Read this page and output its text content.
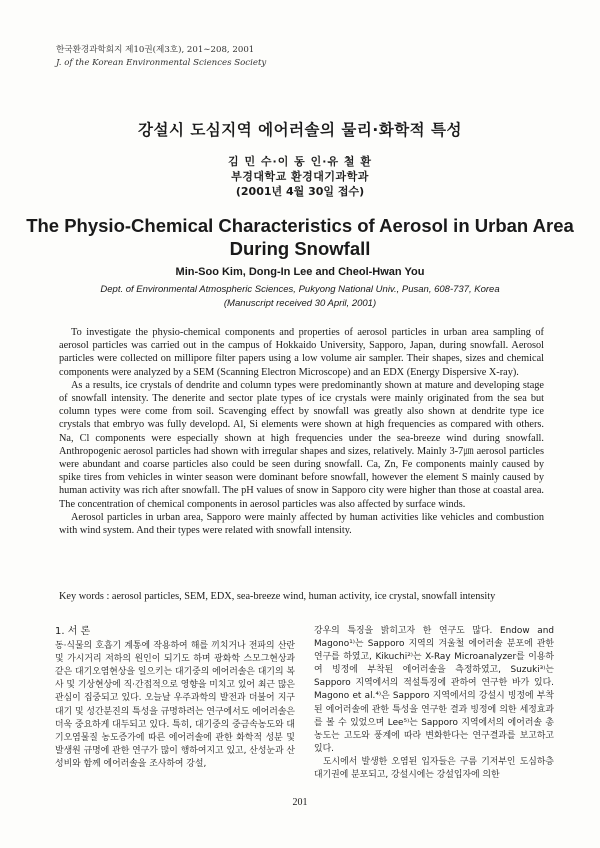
한국환경과학회지 제10권(제3호), 201∼208, 2001
J. of the Korean Environmental Sciences Society
강설시 도심지역 에어러솔의 물리·화학적 특성
김 민 수·이 동 인·유 철 환
부경대학교 환경대기과학과
(2001년 4월 30일 접수)
The Physio-Chemical Characteristics of Aerosol in Urban Area
During Snowfall
Min-Soo Kim, Dong-In Lee and Cheol-Hwan You
Dept. of Environmental Atmospheric Sciences, Pukyong National Univ., Pusan, 608-737, Korea
(Manuscript received 30 April, 2001)

To investigate the physio-chemical components and properties of aerosol particles in urban area sampling of aerosol particles was carried out in the campus of Hokkaido University, Sapporo, Japan, during snowfall. Aerosol particles were collected on millipore filter papers using a low volume air sampler. Their shapes, sizes and chemical components were analyzed by a SEM (Scanning Electron Microscope) and an EDX (Energy Dispersive X-ray).

As a results, ice crystals of dendrite and column types were predominantly shown at mature and developing stage of snowfall intensity. The denerite and sector plate types of ice crystals were mainly originated from the sea but column types were come from soil. Scavenging effect by snowfall was greatly also shown at dendrite type ice crystals that embryo was fully developd. Al, Si elements were shown at high frequencies as compared with others. Na, Cl components were especially shown at high frequencies under the sea-breeze wind during snowfall. Anthropogenic aerosol particles had shown with irregular shapes and sizes, relatively. Mainly 3-7㎛ aerosol particles were abundant and coarse particles also could be seen during snowfall. Ca, Zn, Fe components mainly caused by spike tires from vehicles in winter season were dominant before snowfall, however the element S mainly caused by human activity was rich after snowfall. The pH values of snow in Sapporo city were higher than those at coastal area. The concentration of chemical components in aerosol particles was also affected by surface winds.

Aerosol particles in urban area, Sapporo were mainly affected by human activities like vehicles and combustion with wind system. And their types were related with snowfall intensity.

Key words : aerosol particles, SEM, EDX, sea-breeze wind, human activity, ice crystal, snowfall intensity

1. 서 론

동·식물의 호흡기 계통에 작용하여 해를 끼치거나 전파의 산란 및 가시거리 저하의 원인이 되기도 하며 광화학 스모그현상과 같은 대기오염현상을 일으키는 대기중의 에어러솔은 대기의 복사 및 기상현상에 직·간접적으로 영향을 미치고 있어 최근 많은 관심이 집중되고 있다. 오늘날 우주과학의 발전과 더불어 지구대기 및 성간분진의 특성을 규명하려는 연구에서도 에어러솔은 더욱 중요하게 대두되고 있다. 특히, 대기중의 중금속농도와 대기오염물질 농도증가에 따른 에어러솔에 관한 화학적 성분 및 발생원 규명에 관한 연구가 많이 행하여지고 있고, 산성눈과 산성비와 함께 에어러솔을 조사하여 강설,

강우의 특징을 밝히고자 한 연구도 많다. Endow and Magono¹⁾는 Sapporo 지역의 겨울철 에어러솔 분포에 관한 연구를 하였고, Kikuchi²⁾는 X-Ray Microanalyzer를 이용하여 빙정에 부착된 에어러솔을 측정하였고, Suzuki³⁾는 Sapporo 지역에서의 적설특징에 관하여 연구한 바가 있다. Magono et al.⁴⁾은 Sapporo 지역에서의 강설시 빙정에 부착된 에어러솔에 관한 특성을 연구한 결과 빙정에 의한 세정효과를 볼 수 있었으며 Lee⁵⁾는 Sapporo 지역에서의 에어러솔 총농도는 고도와 풍계에 따라 변화한다는 연구결과를 보고하고 있다.

도시에서 발생한 오염된 입자들은 구름 기저부인 도심하층 대기권에 분포되고, 강설시에는 강설입자에 의한

201
